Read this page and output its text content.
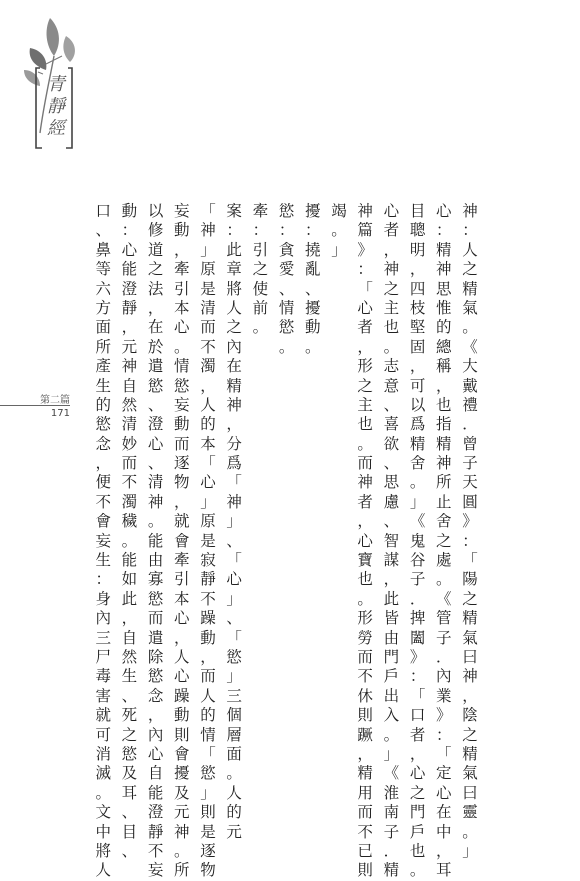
青
靜
經
第二篇
171
神
：
人
之
精
氣
。
《
大
戴
禮
．
曾
子
天
圓
》
：
「
陽
之
精
氣
曰
神
，
陰
之
精
氣
曰
靈
。
」
心
：
精
神
思
惟
的
總
稱
，
也
指
精
神
所
止
舍
之
處
。
《
管
子
．
內
業
》
：
「
定
心
在
中
，
耳
目
聰
明
，
四
枝
堅
固
，
可
以
爲
精
舍
。
」
《
鬼
谷
子
．
捭
闔
》
：
「
口
者
，
心
之
門
戶
也
。
心
者
，
神
之
主
也
。
志
意
、
喜
欲
、
思
慮
、
智
謀
，
此
皆
由
門
戶
出
入
。
」
《
淮
南
子
．
精
神
篇
》
：
「
心
者
，
形
之
主
也
。
而
神
者
，
心
寶
也
。
形
勞
而
不
休
則
蹶
，
精
用
而
不
已
則
竭
。
」
擾
：
撓
亂
、
擾
動
。
慾
：
貪
愛
、
情
慾
。
牽
：
引
之
使
前
。
案
：
此
章
將
人
之
內
在
精
神
，
分
爲
「
神
」
、
「
心
」
、
「
慾
」
三
個
層
面
。
人
的
元
「
神
」
原
是
清
而
不
濁
，
人
的
本
「
心
」
原
是
寂
靜
不
躁
動
，
而
人
的
情
「
慾
」
則
是
逐
物
妄
動
，
牽
引
本
心
。
情
慾
妄
動
而
逐
物
，
就
會
牽
引
本
心
，
人
心
躁
動
則
會
擾
及
元
神
。
所
以
修
道
之
法
，
在
於
遣
慾
、
澄
心
、
清
神
。
能
由
寡
慾
而
遣
除
慾
念
，
內
心
自
能
澄
靜
不
妄
動
：
心
能
澄
靜
，
元
神
自
然
清
妙
而
不
濁
穢
。
能
如
此
，
自
然
生
、
死
之
慾
及
耳
、
目
、
口
、
鼻
等
六
方
面
所
產
生
的
慾
念
，
便
不
會
妄
生
：
身
內
三
尸
毒
害
就
可
消
滅
。
文
中
將
人
